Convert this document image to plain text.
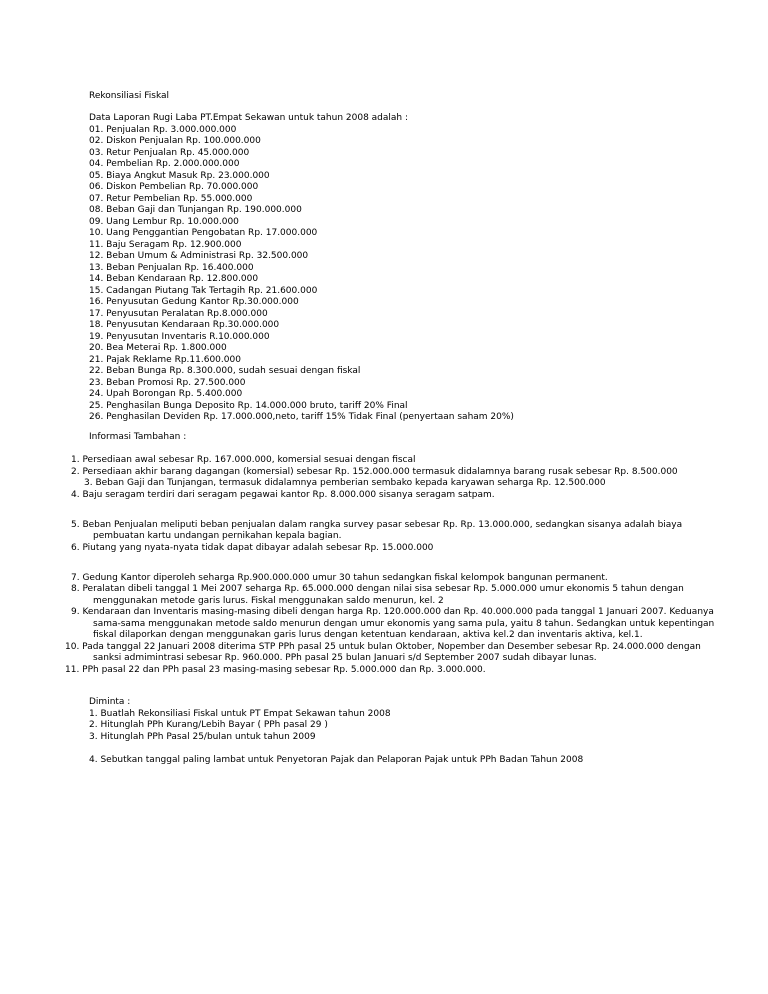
Rekonsiliasi Fiskal
Data Laporan Rugi Laba PT.Empat Sekawan untuk tahun 2008 adalah :
01. Penjualan Rp. 3.000.000.000
02. Diskon Penjualan Rp. 100.000.000
03. Retur Penjualan Rp. 45.000.000
04. Pembelian Rp. 2.000.000.000
05. Biaya Angkut Masuk Rp. 23.000.000
06. Diskon Pembelian Rp. 70.000.000
07. Retur Pembelian Rp. 55.000.000
08. Beban Gaji dan Tunjangan Rp. 190.000.000
09. Uang Lembur Rp. 10.000.000
10. Uang Penggantian Pengobatan Rp. 17.000.000
11. Baju Seragam Rp. 12.900.000
12. Beban Umum & Administrasi Rp. 32.500.000
13. Beban Penjualan Rp. 16.400.000
14. Beban Kendaraan Rp. 12.800.000
15. Cadangan Piutang Tak Tertagih Rp. 21.600.000
16. Penyusutan Gedung Kantor Rp.30.000.000
17. Penyusutan Peralatan Rp.8.000.000
18. Penyusutan Kendaraan Rp.30.000.000
19. Penyusutan Inventaris R.10.000.000
20. Bea Meterai Rp. 1.800.000
21. Pajak Reklame Rp.11.600.000
22. Beban Bunga Rp. 8.300.000, sudah sesuai dengan fiskal
23. Beban Promosi Rp. 27.500.000
24. Upah Borongan Rp. 5.400.000
25. Penghasilan Bunga Deposito Rp. 14.000.000 bruto, tariff 20% Final
26. Penghasilan Deviden Rp. 17.000.000,neto, tariff 15% Tidak Final (penyertaan saham 20%)
Informasi Tambahan :
1. Persediaan awal sebesar Rp. 167.000.000, komersial sesuai dengan fiscal
2. Persediaan akhir barang dagangan (komersial) sebesar Rp. 152.000.000 termasuk didalamnya barang rusak sebesar Rp. 8.500.000
3. Beban Gaji dan Tunjangan, termasuk didalamnya pemberian sembako kepada karyawan seharga Rp. 12.500.000
4. Baju seragam terdiri dari seragam pegawai kantor Rp. 8.000.000 sisanya seragam satpam.
5. Beban Penjualan meliputi beban penjualan dalam rangka survey pasar sebesar Rp. Rp. 13.000.000, sedangkan sisanya adalah biaya
pembuatan kartu undangan pernikahan kepala bagian.
6. Piutang yang nyata-nyata tidak dapat dibayar adalah sebesar Rp. 15.000.000
7. Gedung Kantor diperoleh seharga Rp.900.000.000 umur 30 tahun sedangkan fiskal kelompok bangunan permanent.
8. Peralatan dibeli tanggal 1 Mei 2007 seharga Rp. 65.000.000 dengan nilai sisa sebesar Rp. 5.000.000 umur ekonomis 5 tahun dengan
menggunakan metode garis lurus. Fiskal menggunakan saldo menurun, kel. 2
9. Kendaraan dan Inventaris masing-masing dibeli dengan harga Rp. 120.000.000 dan Rp. 40.000.000 pada tanggal 1 Januari 2007. Keduanya
sama-sama menggunakan metode saldo menurun dengan umur ekonomis yang sama pula, yaitu 8 tahun. Sedangkan untuk kepentingan
fiskal dilaporkan dengan menggunakan garis lurus dengan ketentuan kendaraan, aktiva kel.2 dan inventaris aktiva, kel.1.
10. Pada tanggal 22 Januari 2008 diterima STP PPh pasal 25 untuk bulan Oktober, Nopember dan Desember sebesar Rp. 24.000.000 dengan
sanksi admimintrasi sebesar Rp. 960.000. PPh pasal 25 bulan Januari s/d September 2007 sudah dibayar lunas.
11. PPh pasal 22 dan PPh pasal 23 masing-masing sebesar Rp. 5.000.000 dan Rp. 3.000.000.
Diminta :
1. Buatlah Rekonsiliasi Fiskal untuk PT Empat Sekawan tahun 2008
2. Hitunglah PPh Kurang/Lebih Bayar ( PPh pasal 29 )
3. Hitunglah PPh Pasal 25/bulan untuk tahun 2009
4. Sebutkan tanggal paling lambat untuk Penyetoran Pajak dan Pelaporan Pajak untuk PPh Badan Tahun 2008
